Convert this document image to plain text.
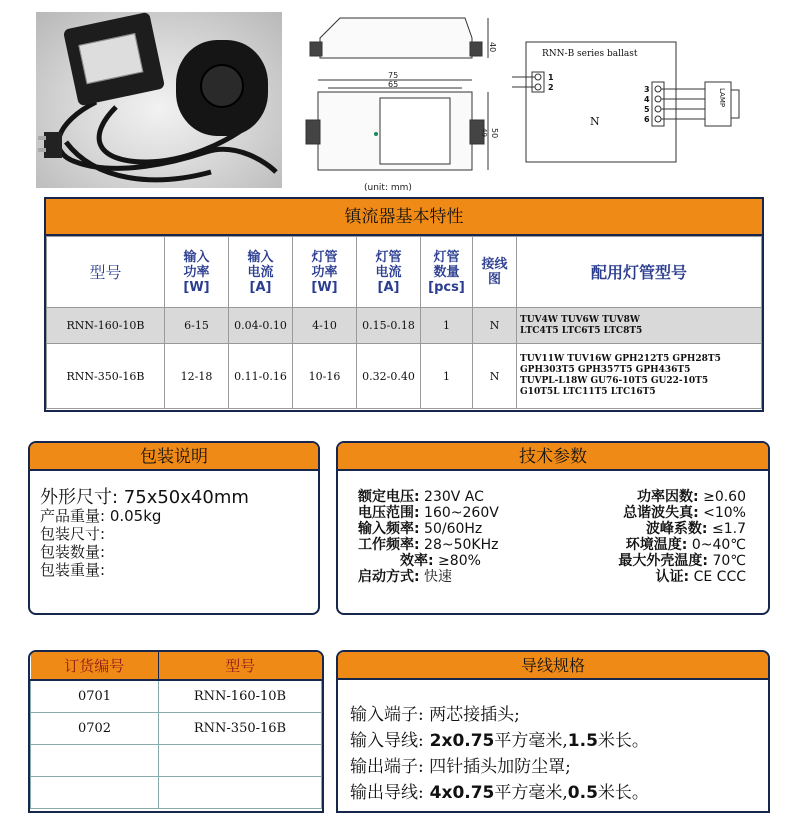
75
65
40
50
49
(unit: mm)
RNN-B series ballast
1
2	3
4
5
6
LAMP
N
镇流器基本特性
型号	输入
功率
[W]	输入
电流
[A]	灯管
功率
[W]	灯管
电流
[A]	灯管
数量
[pcs]	接线
图	配用灯管型号
RNN-160-10B	6-15	0.04-0.10	4-10	0.15-0.18	1	N	TUV4W TUV6W TUV8W
LTC4T5 LTC6T5 LTC8T5
RNN-350-16B	12-18	0.11-0.16	10-16	0.32-0.40	1	N	TUV11W TUV16W GPH212T5 GPH28T5
GPH303T5 GPH357T5 GPH436T5
TUVPL-L18W GU76-10T5 GU22-10T5
G10T5L LTC11T5 LTC16T5
包装说明
外形尺寸: 75x50x40mm
产品重量: 0.05kg
包装尺寸:
包装数量:
包装重量:
技术参数
额定电压: 230V AC
电压范围: 160~260V
输入频率: 50/60Hz
工作频率: 28~50KHz
效率: ≥80%
启动方式: 快速
功率因数: ≥0.60
总谐波失真: <10%
波峰系数: ≤1.7
环境温度: 0~40℃
最大外壳温度: 70℃
认证: CE CCC
订货编号	型号
0701	RNN-160-10B
0702	RNN-350-16B

导线规格
输入端子: 两芯接插头;
输入导线: 2x0.75平方毫米,1.5米长。
输出端子: 四针插头加防尘罩;
输出导线: 4x0.75平方毫米,0.5米长。
